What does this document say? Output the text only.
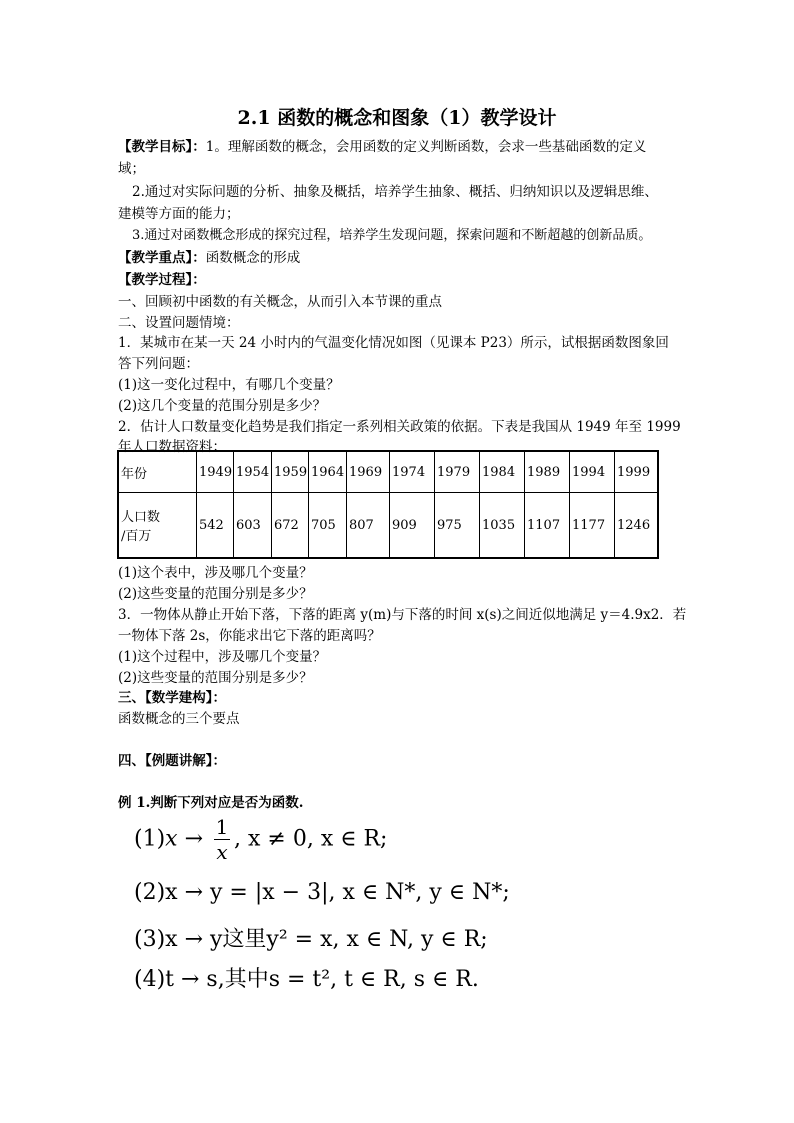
2.1 函数的概念和图象（1）教学设计
【教学目标】：1。理解函数的概念，会用函数的定义判断函数，会求一些基础函数的定义
域；
2.通过对实际问题的分析、抽象及概括，培养学生抽象、概括、归纳知识以及逻辑思维、
建模等方面的能力；
3.通过对函数概念形成的探究过程，培养学生发现问题，探索问题和不断超越的创新品质。
【教学重点】：函数概念的形成
【教学过程】：
一、回顾初中函数的有关概念，从而引入本节课的重点
二、设置问题情境：
1．某城市在某一天 24 小时内的气温变化情况如图（见课本 P23）所示，试根据函数图象回
答下列问题：
(1)这一变化过程中，有哪几个变量？
(2)这几个变量的范围分别是多少？
2．估计人口数量变化趋势是我们指定一系列相关政策的依据。下表是我国从 1949 年至 1999
年人口数据资料：
年份	1949	1954	1959	1964	1969	1974	1979	1984	1989	1994	1999
人口数
/百万	542	603	672	705	807	909	975	1035	1107	1177	1246
(1)这个表中，涉及哪几个变量？
(2)这些变量的范围分别是多少？
3．一物体从静止开始下落，下落的距离 y(m)与下落的时间 x(s)之间近似地满足 y＝4.9x2．若
一物体下落 2s，你能求出它下落的距离吗？
(1)这个过程中，涉及哪几个变量？
(2)这些变量的范围分别是多少？
三、【数学建构】：
函数概念的三个要点
四、【例题讲解】：
例 1.判断下列对应是否为函数.
$(1)x \to \frac{1}{x}$ , x ≠ 0, x ∈ R;
(2)x → y = |x − 3|, x ∈ N*, y ∈ N*;
(3)x → y这里y² = x, x ∈ N, y ∈ R;
(4)t → s,其中s = t², t ∈ R, s ∈ R.
